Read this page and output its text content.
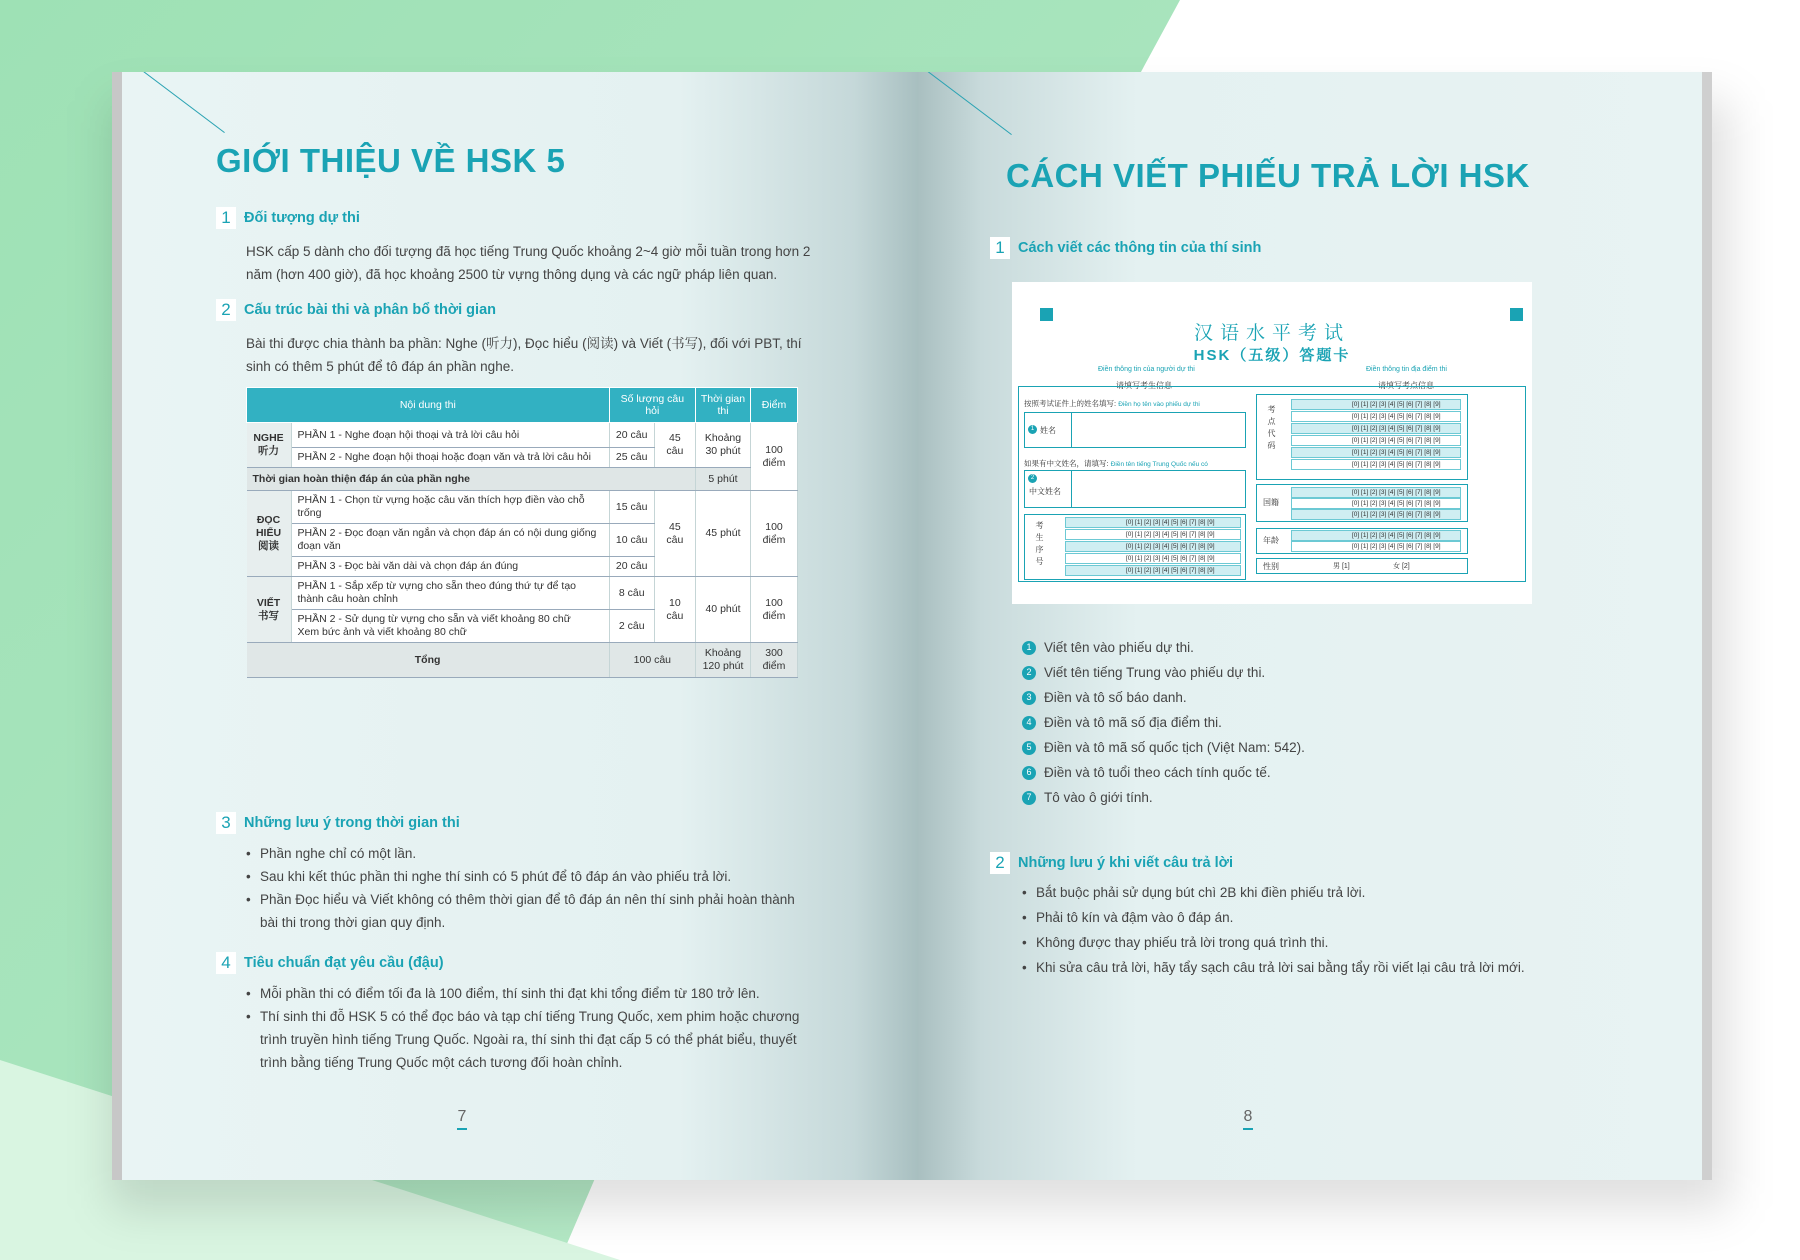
GIỚI THIỆU VỀ HSK 5
1 Đối tượng dự thi
HSK cấp 5 dành cho đối tượng đã học tiếng Trung Quốc khoảng 2~4 giờ mỗi tuần trong hơn 2 năm (hơn 400 giờ), đã học khoảng 2500 từ vựng thông dụng và các ngữ pháp liên quan.
2 Cấu trúc bài thi và phân bổ thời gian
Bài thi được chia thành ba phần: Nghe (听力), Đọc hiểu (阅读) và Viết (书写), đối với PBT, thí sinh có thêm 5 phút để tô đáp án phần nghe.
Nội dung thi		Số lượng câu hỏi		Thời gian thi	Điểm
NGHE
听力	PHẦN 1 - Nghe đoạn hội thoại và trả lời câu hỏi	20 câu	45 câu	Khoảng 30 phút	100 điểm
	PHẦN 2 - Nghe đoạn hội thoại hoặc đoạn văn và trả lời câu hỏi	25 câu			
Thời gian hoàn thiện đáp án của phần nghe				5 phút	
ĐỌC HIỂU
阅读	PHẦN 1 - Chọn từ vựng hoặc câu văn thích hợp điền vào chỗ trống	15 câu	45 câu	45 phút	100 điểm
	PHẦN 2 - Đọc đoạn văn ngắn và chọn đáp án có nội dung giống đoạn văn	10 câu			
	PHẦN 3 - Đọc bài văn dài và chọn đáp án đúng	20 câu			
VIẾT
书写	PHẦN 1 - Sắp xếp từ vựng cho sẵn theo đúng thứ tự để tạo thành câu hoàn chỉnh	8 câu	10 câu	40 phút	100 điểm
	PHẦN 2 - Sử dụng từ vựng cho sẵn và viết khoảng 80 chữ
Xem bức ảnh và viết khoảng 80 chữ	2 câu			
Tổng		100 câu		Khoảng 120 phút	300 điểm
3 Những lưu ý trong thời gian thi
• Phần nghe chỉ có một lần.
• Sau khi kết thúc phần thi nghe thí sinh có 5 phút để tô đáp án vào phiếu trả lời.
• Phần Đọc hiểu và Viết không có thêm thời gian để tô đáp án nên thí sinh phải hoàn thành bài thi trong thời gian quy định.
4 Tiêu chuẩn đạt yêu cầu (đậu)
• Mỗi phần thi có điểm tối đa là 100 điểm, thí sinh thi đạt khi tổng điểm từ 180 trở lên.
• Thí sinh thi đỗ HSK 5 có thể đọc báo và tạp chí tiếng Trung Quốc, xem phim hoặc chương trình truyền hình tiếng Trung Quốc. Ngoài ra, thí sinh thi đạt cấp 5 có thể phát biểu, thuyết trình bằng tiếng Trung Quốc một cách tương đối hoàn chỉnh.
7
CÁCH VIẾT PHIẾU TRẢ LỜI HSK
1 Cách viết các thông tin của thí sinh
1 Viết tên vào phiếu dự thi.
2 Viết tên tiếng Trung vào phiếu dự thi.
3 Điền và tô số báo danh.
4 Điền và tô mã số địa điểm thi.
5 Điền và tô mã số quốc tịch (Việt Nam: 542).
6 Điền và tô tuổi theo cách tính quốc tế.
7 Tô vào ô giới tính.
2 Những lưu ý khi viết câu trả lời
• Bắt buộc phải sử dụng bút chì 2B khi điền phiếu trả lời.
• Phải tô kín và đậm vào ô đáp án.
• Không được thay phiếu trả lời trong quá trình thi.
• Khi sửa câu trả lời, hãy tẩy sạch câu trả lời sai bằng tẩy rồi viết lại câu trả lời mới.
8
汉语水平考试
HSK（五级）答题卡
Điền thông tin của người dự thi	Điền thông tin địa điểm thi
按照考试证件上的姓名填写: Điền họ tên vào phiếu dự thi
1 姓名
如果有中文姓名，请填写: Điền tên tiếng Trung Quốc nếu có
2
中文姓名
考生序号	[0] [1] [2] [3] [4] [5] [6] [7] [8] [9]
[0] [1] [2] [3] [4] [5] [6] [7] [8] [9]
[0] [1] [2] [3] [4] [5] [6] [7] [8] [9]
[0] [1] [2] [3] [4] [5] [6] [7] [8] [9]
[0] [1] [2] [3] [4] [5] [6] [7] [8] [9]
考点代码
[0] [1] [2] [3] [4] [5] [6] [7] [8] [9]
[0] [1] [2] [3] [4] [5] [6] [7] [8] [9]
[0] [1] [2] [3] [4] [5] [6] [7] [8] [9]
[0] [1] [2] [3] [4] [5] [6] [7] [8] [9]
[0] [1] [2] [3] [4] [5] [6] [7] [8] [9]
[0] [1] [2] [3] [4] [5] [6] [7] [8] [9]
国籍
[0] [1] [2] [3] [4] [5] [6] [7] [8] [9]
[0] [1] [2] [3] [4] [5] [6] [7] [8] [9]
[0] [1] [2] [3] [4] [5] [6] [7] [8] [9]
年龄
[0] [1] [2] [3] [4] [5] [6] [7] [8] [9]
[0] [1] [2] [3] [4] [5] [6] [7] [8] [9]
性别	男 [1]	女 [2]
